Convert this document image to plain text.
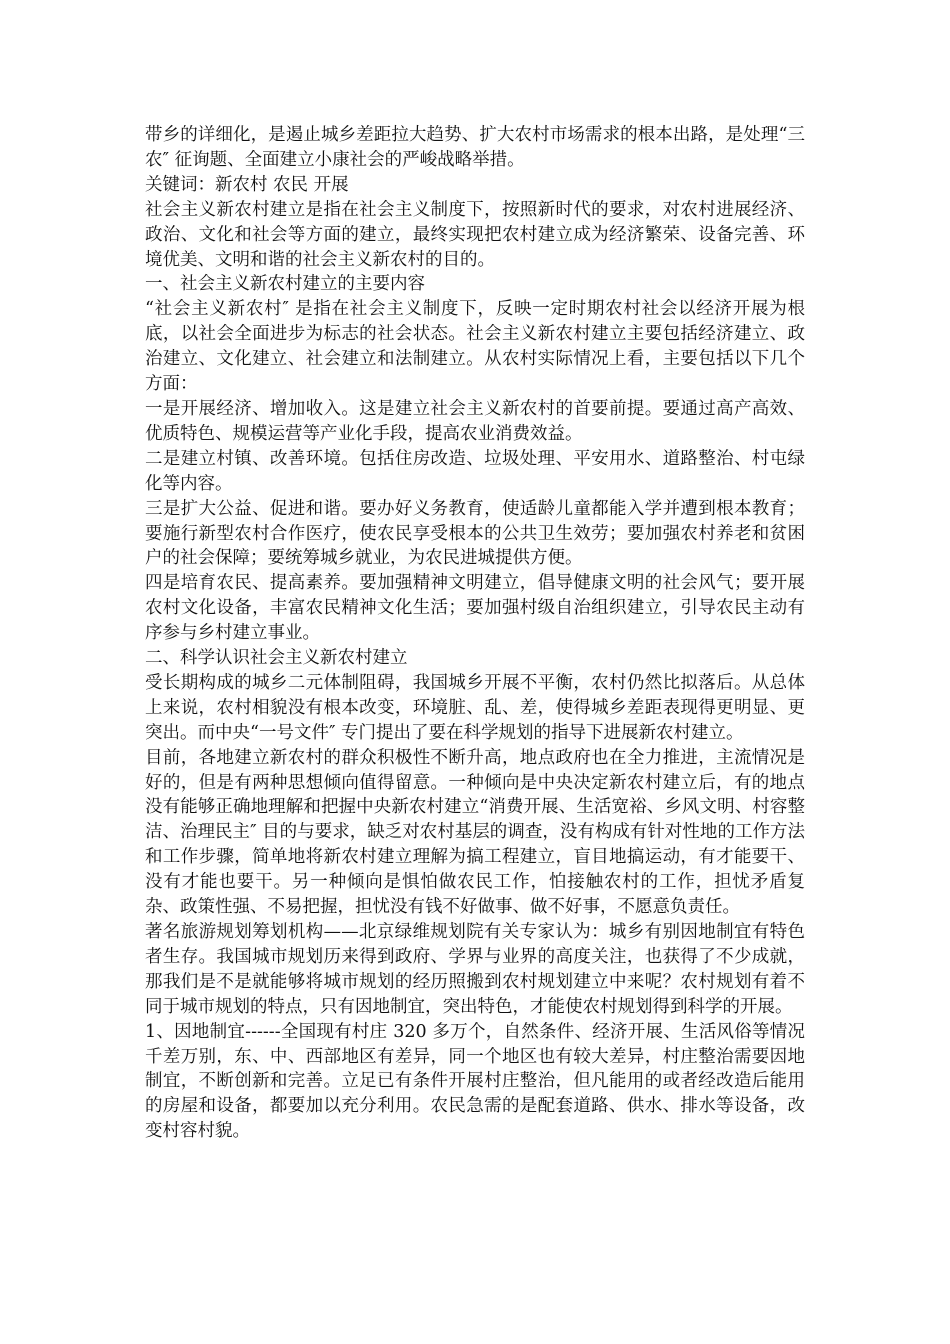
带乡的详细化，是遏止城乡差距拉大趋势、扩大农村市场需求的根本出路，是处理“三农″ 征询题、全面建立小康社会的严峻战略举措。

关键词：新农村 农民 开展

社会主义新农村建立是指在社会主义制度下，按照新时代的要求，对农村进展经济、政治、文化和社会等方面的建立，最终实现把农村建立成为经济繁荣、设备完善、环境优美、文明和谐的社会主义新农村的目的。

一、社会主义新农村建立的主要内容

“社会主义新农村″ 是指在社会主义制度下，反映一定时期农村社会以经济开展为根底，以社会全面进步为标志的社会状态。社会主义新农村建立主要包括经济建立、政治建立、文化建立、社会建立和法制建立。从农村实际情况上看，主要包括以下几个方面：

一是开展经济、增加收入。这是建立社会主义新农村的首要前提。要通过高产高效、优质特色、规模运营等产业化手段，提高农业消费效益。

二是建立村镇、改善环境。包括住房改造、垃圾处理、平安用水、道路整治、村屯绿化等内容。

三是扩大公益、促进和谐。要办好义务教育，使适龄儿童都能入学并遭到根本教育；要施行新型农村合作医疗，使农民享受根本的公共卫生效劳；要加强农村养老和贫困户的社会保障；要统筹城乡就业，为农民进城提供方便。

四是培育农民、提高素养。要加强精神文明建立，倡导健康文明的社会风气；要开展农村文化设备，丰富农民精神文化生活；要加强村级自治组织建立，引导农民主动有序参与乡村建立事业。

二、科学认识社会主义新农村建立

受长期构成的城乡二元体制阻碍，我国城乡开展不平衡，农村仍然比拟落后。从总体上来说，农村相貌没有根本改变，环境脏、乱、差，使得城乡差距表现得更明显、更突出。而中央“一号文件″ 专门提出了要在科学规划的指导下进展新农村建立。

目前，各地建立新农村的群众积极性不断升高，地点政府也在全力推进，主流情况是好的，但是有两种思想倾向值得留意。一种倾向是中央决定新农村建立后，有的地点没有能够正确地理解和把握中央新农村建立“消费开展、生活宽裕、乡风文明、村容整洁、治理民主″ 目的与要求，缺乏对农村基层的调查，没有构成有针对性地的工作方法和工作步骤，简单地将新农村建立理解为搞工程建立，盲目地搞运动，有才能要干、没有才能也要干。另一种倾向是惧怕做农民工作，怕接触农村的工作，担忧矛盾复杂、政策性强、不易把握，担忧没有钱不好做事、做不好事，不愿意负责任。

著名旅游规划筹划机构——北京绿维规划院有关专家认为：城乡有别因地制宜有特色者生存。我国城市规划历来得到政府、学界与业界的高度关注，也获得了不少成就，那我们是不是就能够将城市规划的经历照搬到农村规划建立中来呢？农村规划有着不同于城市规划的特点，只有因地制宜，突出特色，才能使农村规划得到科学的开展。

1、因地制宜------全国现有村庄 320 多万个，自然条件、经济开展、生活风俗等情况千差万别，东、中、西部地区有差异，同一个地区也有较大差异，村庄整治需要因地制宜，不断创新和完善。立足已有条件开展村庄整治，但凡能用的或者经改造后能用的房屋和设备，都要加以充分利用。农民急需的是配套道路、供水、排水等设备，改变村容村貌。
